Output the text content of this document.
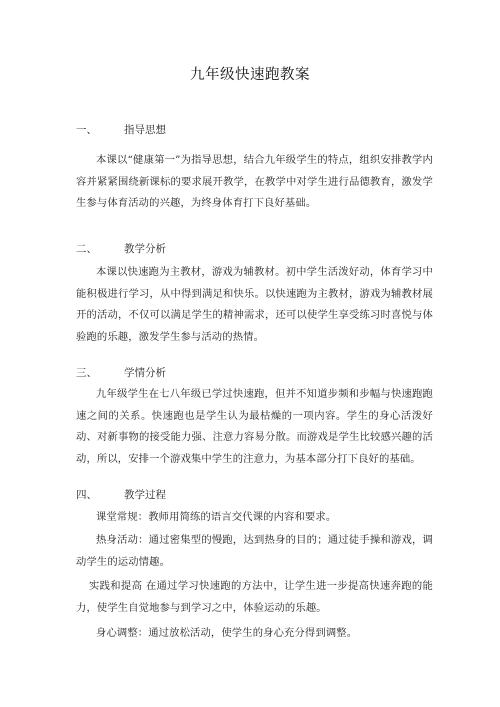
九年级快速跑教案
一、	指导思想
本课以“健康第一”为指导思想，结合九年级学生的特点，组织安排教学内容并紧紧围绕新课标的要求展开教学，在教学中对学生进行品德教育，激发学生参与体育活动的兴趣，为终身体育打下良好基础。
二、	教学分析
本课以快速跑为主教材，游戏为辅教材。初中学生活泼好动，体育学习中能积极进行学习，从中得到满足和快乐。以快速跑为主教材，游戏为辅教材展开的活动，不仅可以满足学生的精神需求，还可以使学生享受练习时喜悦与体验跑的乐趣，激发学生参与活动的热情。
三、	学情分析
九年级学生在七八年级已学过快速跑，但并不知道步频和步幅与快速跑跑速之间的关系。快速跑也是学生认为最枯燥的一项内容。学生的身心活泼好动、对新事物的接受能力强、注意力容易分散。而游戏是学生比较感兴趣的活动，所以，安排一个游戏集中学生的注意力，为基本部分打下良好的基础。
四、	教学过程
课堂常规：教师用简练的语言交代课的内容和要求。
热身活动：通过密集型的慢跑，达到热身的目的；通过徒手操和游戏，调动学生的运动情趣。
实践和提高 在通过学习快速跑的方法中，让学生进一步提高快速奔跑的能力，使学生自觉地参与到学习之中，体验运动的乐趣。
身心调整：通过放松活动，使学生的身心充分得到调整。
